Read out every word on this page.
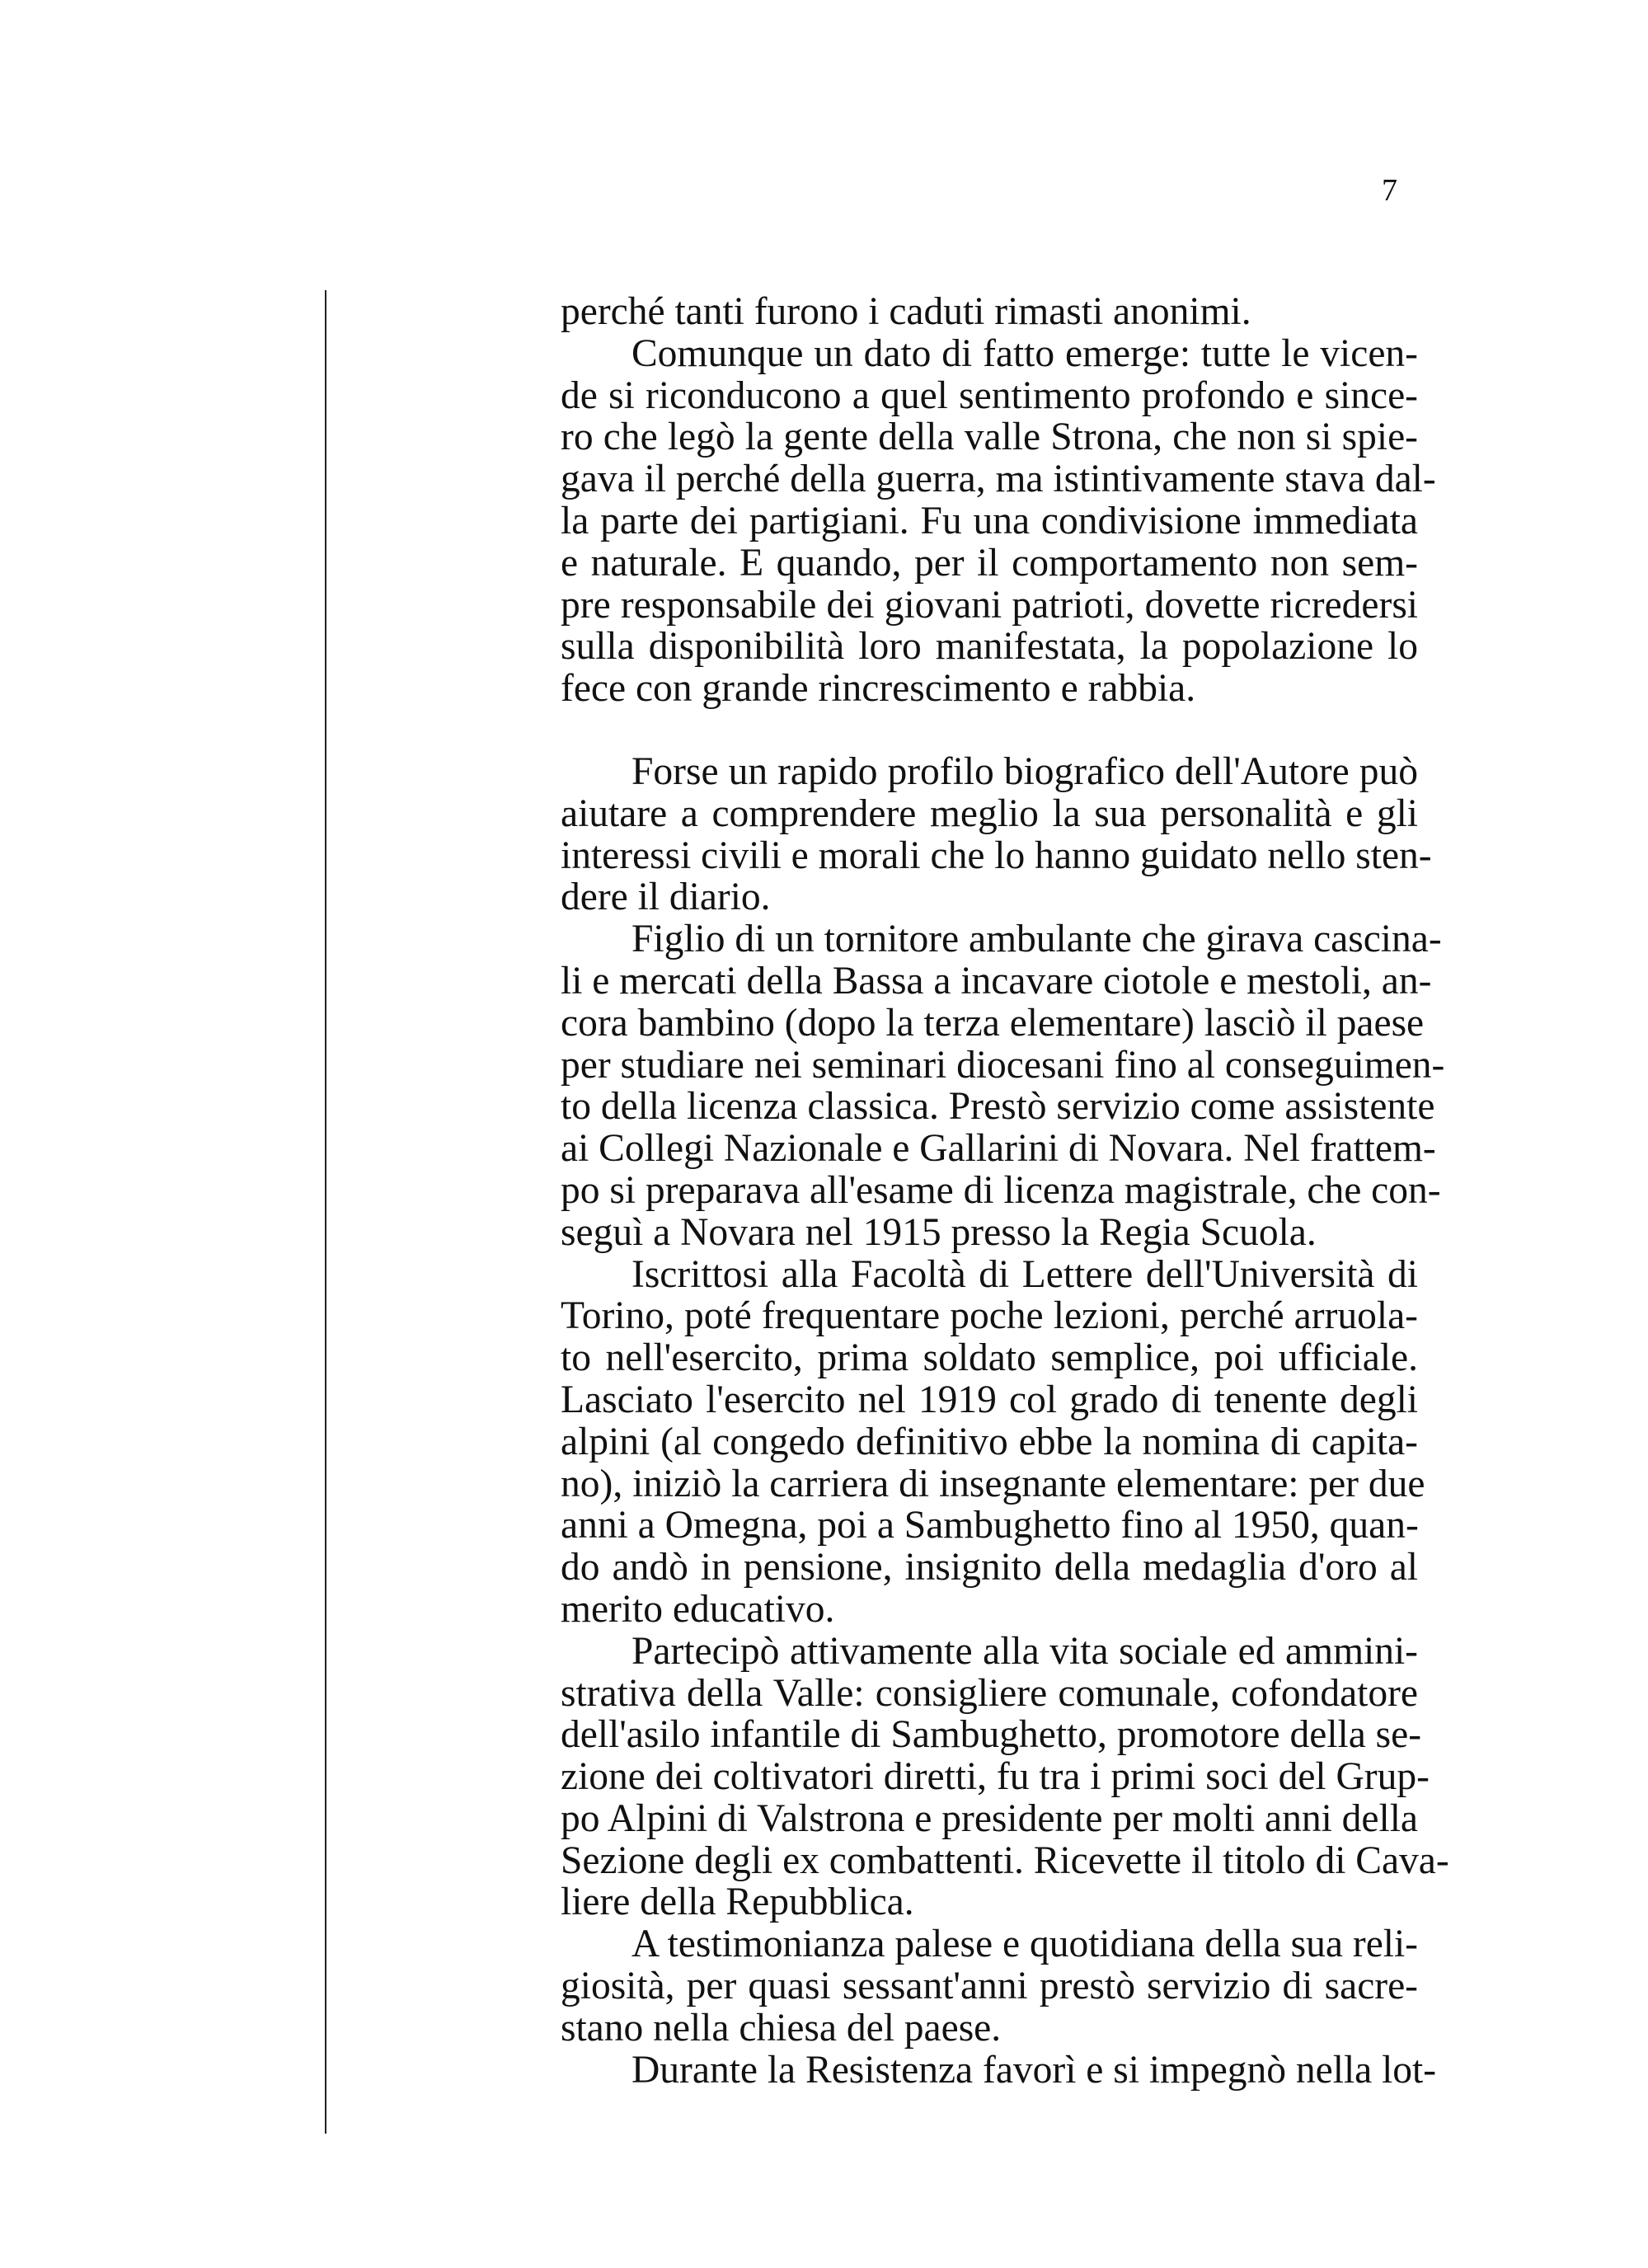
7
perché tanti furono i caduti rimasti anonimi.
Comunque un dato di fatto emerge: tutte le vicen-
de si riconducono a quel sentimento profondo e since-
ro che legò la gente della valle Strona, che non si spie-
gava il perché della guerra, ma istintivamente stava dal-
la parte dei partigiani. Fu una condivisione immediata
e naturale. E quando, per il comportamento non sem-
pre responsabile dei giovani patrioti, dovette ricredersi
sulla disponibilità loro manifestata, la popolazione lo
fece con grande rincrescimento e rabbia.
Forse un rapido profilo biografico dell'Autore può
aiutare a comprendere meglio la sua personalità e gli
interessi civili e morali che lo hanno guidato nello sten-
dere il diario.
Figlio di un tornitore ambulante che girava cascina-
li e mercati della Bassa a incavare ciotole e mestoli, an-
cora bambino (dopo la terza elementare) lasciò il paese
per studiare nei seminari diocesani fino al conseguimen-
to della licenza classica. Prestò servizio come assistente
ai Collegi Nazionale e Gallarini di Novara. Nel frattem-
po si preparava all'esame di licenza magistrale, che con-
seguì a Novara nel 1915 presso la Regia Scuola.
Iscrittosi alla Facoltà di Lettere dell'Università di
Torino, poté frequentare poche lezioni, perché arruola-
to nell'esercito, prima soldato semplice, poi ufficiale.
Lasciato l'esercito nel 1919 col grado di tenente degli
alpini (al congedo definitivo ebbe la nomina di capita-
no), iniziò la carriera di insegnante elementare: per due
anni a Omegna, poi a Sambughetto fino al 1950, quan-
do andò in pensione, insignito della medaglia d'oro al
merito educativo.
Partecipò attivamente alla vita sociale ed ammini-
strativa della Valle: consigliere comunale, cofondatore
dell'asilo infantile di Sambughetto, promotore della se-
zione dei coltivatori diretti, fu tra i primi soci del Grup-
po Alpini di Valstrona e presidente per molti anni della
Sezione degli ex combattenti. Ricevette il titolo di Cava-
liere della Repubblica.
A testimonianza palese e quotidiana della sua reli-
giosità, per quasi sessant'anni prestò servizio di sacre-
stano nella chiesa del paese.
Durante la Resistenza favorì e si impegnò nella lot-
